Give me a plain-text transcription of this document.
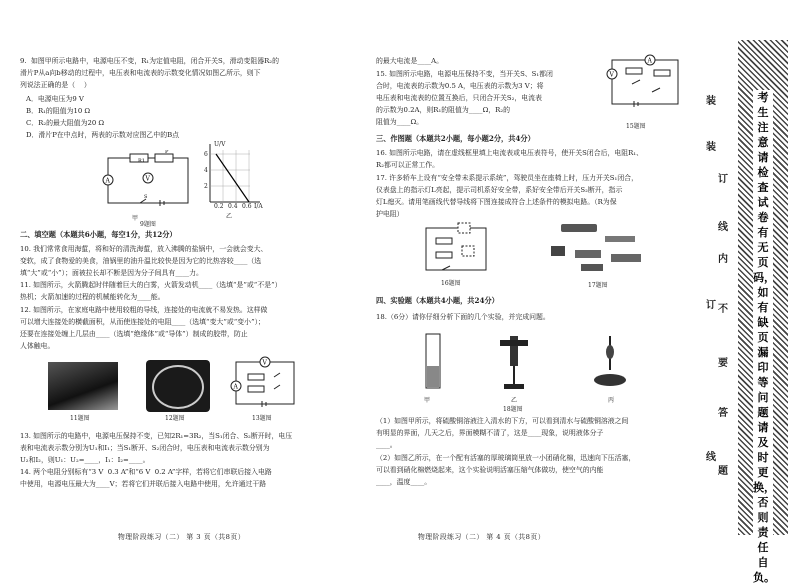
9.  如图甲所示电路中，电源电压不变，R₁为定值电阻，闭合开关S，滑动变阻器R₂的
滑片P从a向b移动的过程中，电压表和电流表的示数变化情况如图乙所示，则下
列说法正确的是（    ）
A．电源电压为9 V
B．R₁的阻值为10 Ω
C．R₂的最大阻值为20 Ω
D．滑片P在中点时，两表的示数对应图乙中的B点
A	V
R1
P
S
甲
U/V
6
4
2
0.2 0.4 0.6 I/A
乙
9题图
二、填空题（本题共6小题，每空1分，共12分）
10. 我们常常食用海蜇，将和好的清洗海蜇，放入沸腾的盐锅中，一会就会变大、
变软，成了食物爱的美食，油锅里的油升温比较快是因为它的比热容较____（选
填“大”或“小”）；面被拉长却不断是因为分子间具有____力。
11. 如图所示，火箭腾起时伴随着巨大的白雾，火箭发动机____（选填“是”或“不是”）
热机；火箭加速的过程的机械能转化为____能。
12. 如图所示，在家庭电路中使用较粗的导线，连接处的电流就不易发热。这样做
可以增大连接处的横截面积，从而使连接处的电阻____（选填“变大”或“变小”）；
还要在连接处缠上几层由____（选填“绝缘体”或“导体”）制成的胶带，防止
人体触电。
V
A
11题图	12题图	13题图
13. 如图所示的电路中，电源电压保持不变，已知2R₁=3R₂，当S₁闭合、S₂断开时，电压
表和电流表示数分别为U₁和I₁；当S₁断开、S₂闭合时，电压表和电流表示数分别为
U₂和I₂，则U₁：U₂=____，I₁：I₂=____。
14. 两个电阻分别标有“3 V  0.3 A”和“6 V  0.2 A”字样，若将它们串联后接入电路
中使用，电源电压最大为____V；若将它们并联后接入电路中使用，允许通过干路
物理阶段练习（二） 第 3 页（共8页）
的最大电流是____A。
15. 如图所示电路，电源电压保持不变，当开关S、S₁都闭
合时，电流表的示数为0.5 A，电压表的示数为3 V；将
电压表和电流表的位置互换后，只闭合开关S₂，电流表
的示数为0.2A，则R₁的阻值为____Ω，R₂的
阻值为____Ω。
V
A
15题图
三、作图题（本题共2小题，每小题2分，共4分）
16. 如图所示电路，请在虚线框里填上电流表或电压表符号，使开关S闭合后，电阻R₁、
R₂都可以正常工作。
17. 许多轿车上设有“安全带未系提示系统”，驾驶员坐在座椅上时，压力开关S₁闭合，
仪表盘上的指示灯L亮起，提示司机系好安全带，系好安全带后开关S₂断开，指示
灯L熄灭。请用笔画线代替导线将下图连接成符合上述条件的模拟电路。（R为保
护电阻）
16题图	17题图
四、实验题（本题共4小题，共24分）
18.（6分）请你仔细分析下面的几个实验，并完成问题。
甲	乙	丙
18题图
（1）如图甲所示，将硫酸铜溶液注入清水的下方，可以看到清水与硫酸铜溶液之间
有明显的界面，几天之后，界面模糊不清了，这是____现象，说明液体分子
____。
（2）如图乙所示，在一个配有活塞的厚玻璃筒里放一小团硝化棉，迅速向下压活塞，
可以看到硝化棉燃烧起来，这个实验说明活塞压缩气体做功，使空气的内能
____，温度____。
物理阶段练习（二） 第 4 页（共8页）
装
装
订
线
内
订 不
要
答
线
题
考生注意请检查试卷有无页码，如有缺页漏印等问题请及时更换，否则责任自负。
